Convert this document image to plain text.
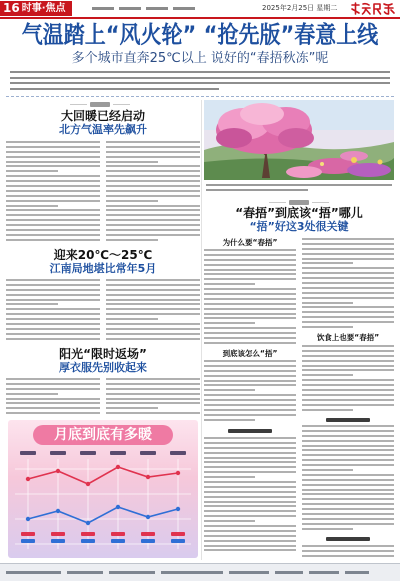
16 时事·焦点	2025年2月25日 星期二
气温踏上“风火轮” “抢先版”春意上线
多个城市直奔25℃以上 说好的“春捂秋冻”呢
大回暖已经启动
北方气温率先飙升
迎来20℃～25℃
江南局地堪比常年5月
阳光“限时返场”
厚衣服先别收起来
月底到底有多暖
“春捂”到底该“捂”哪儿
“捂”好这3处很关键
为什么要“春捂”
到底该怎么“捂”
饮食上也要“春捂”
